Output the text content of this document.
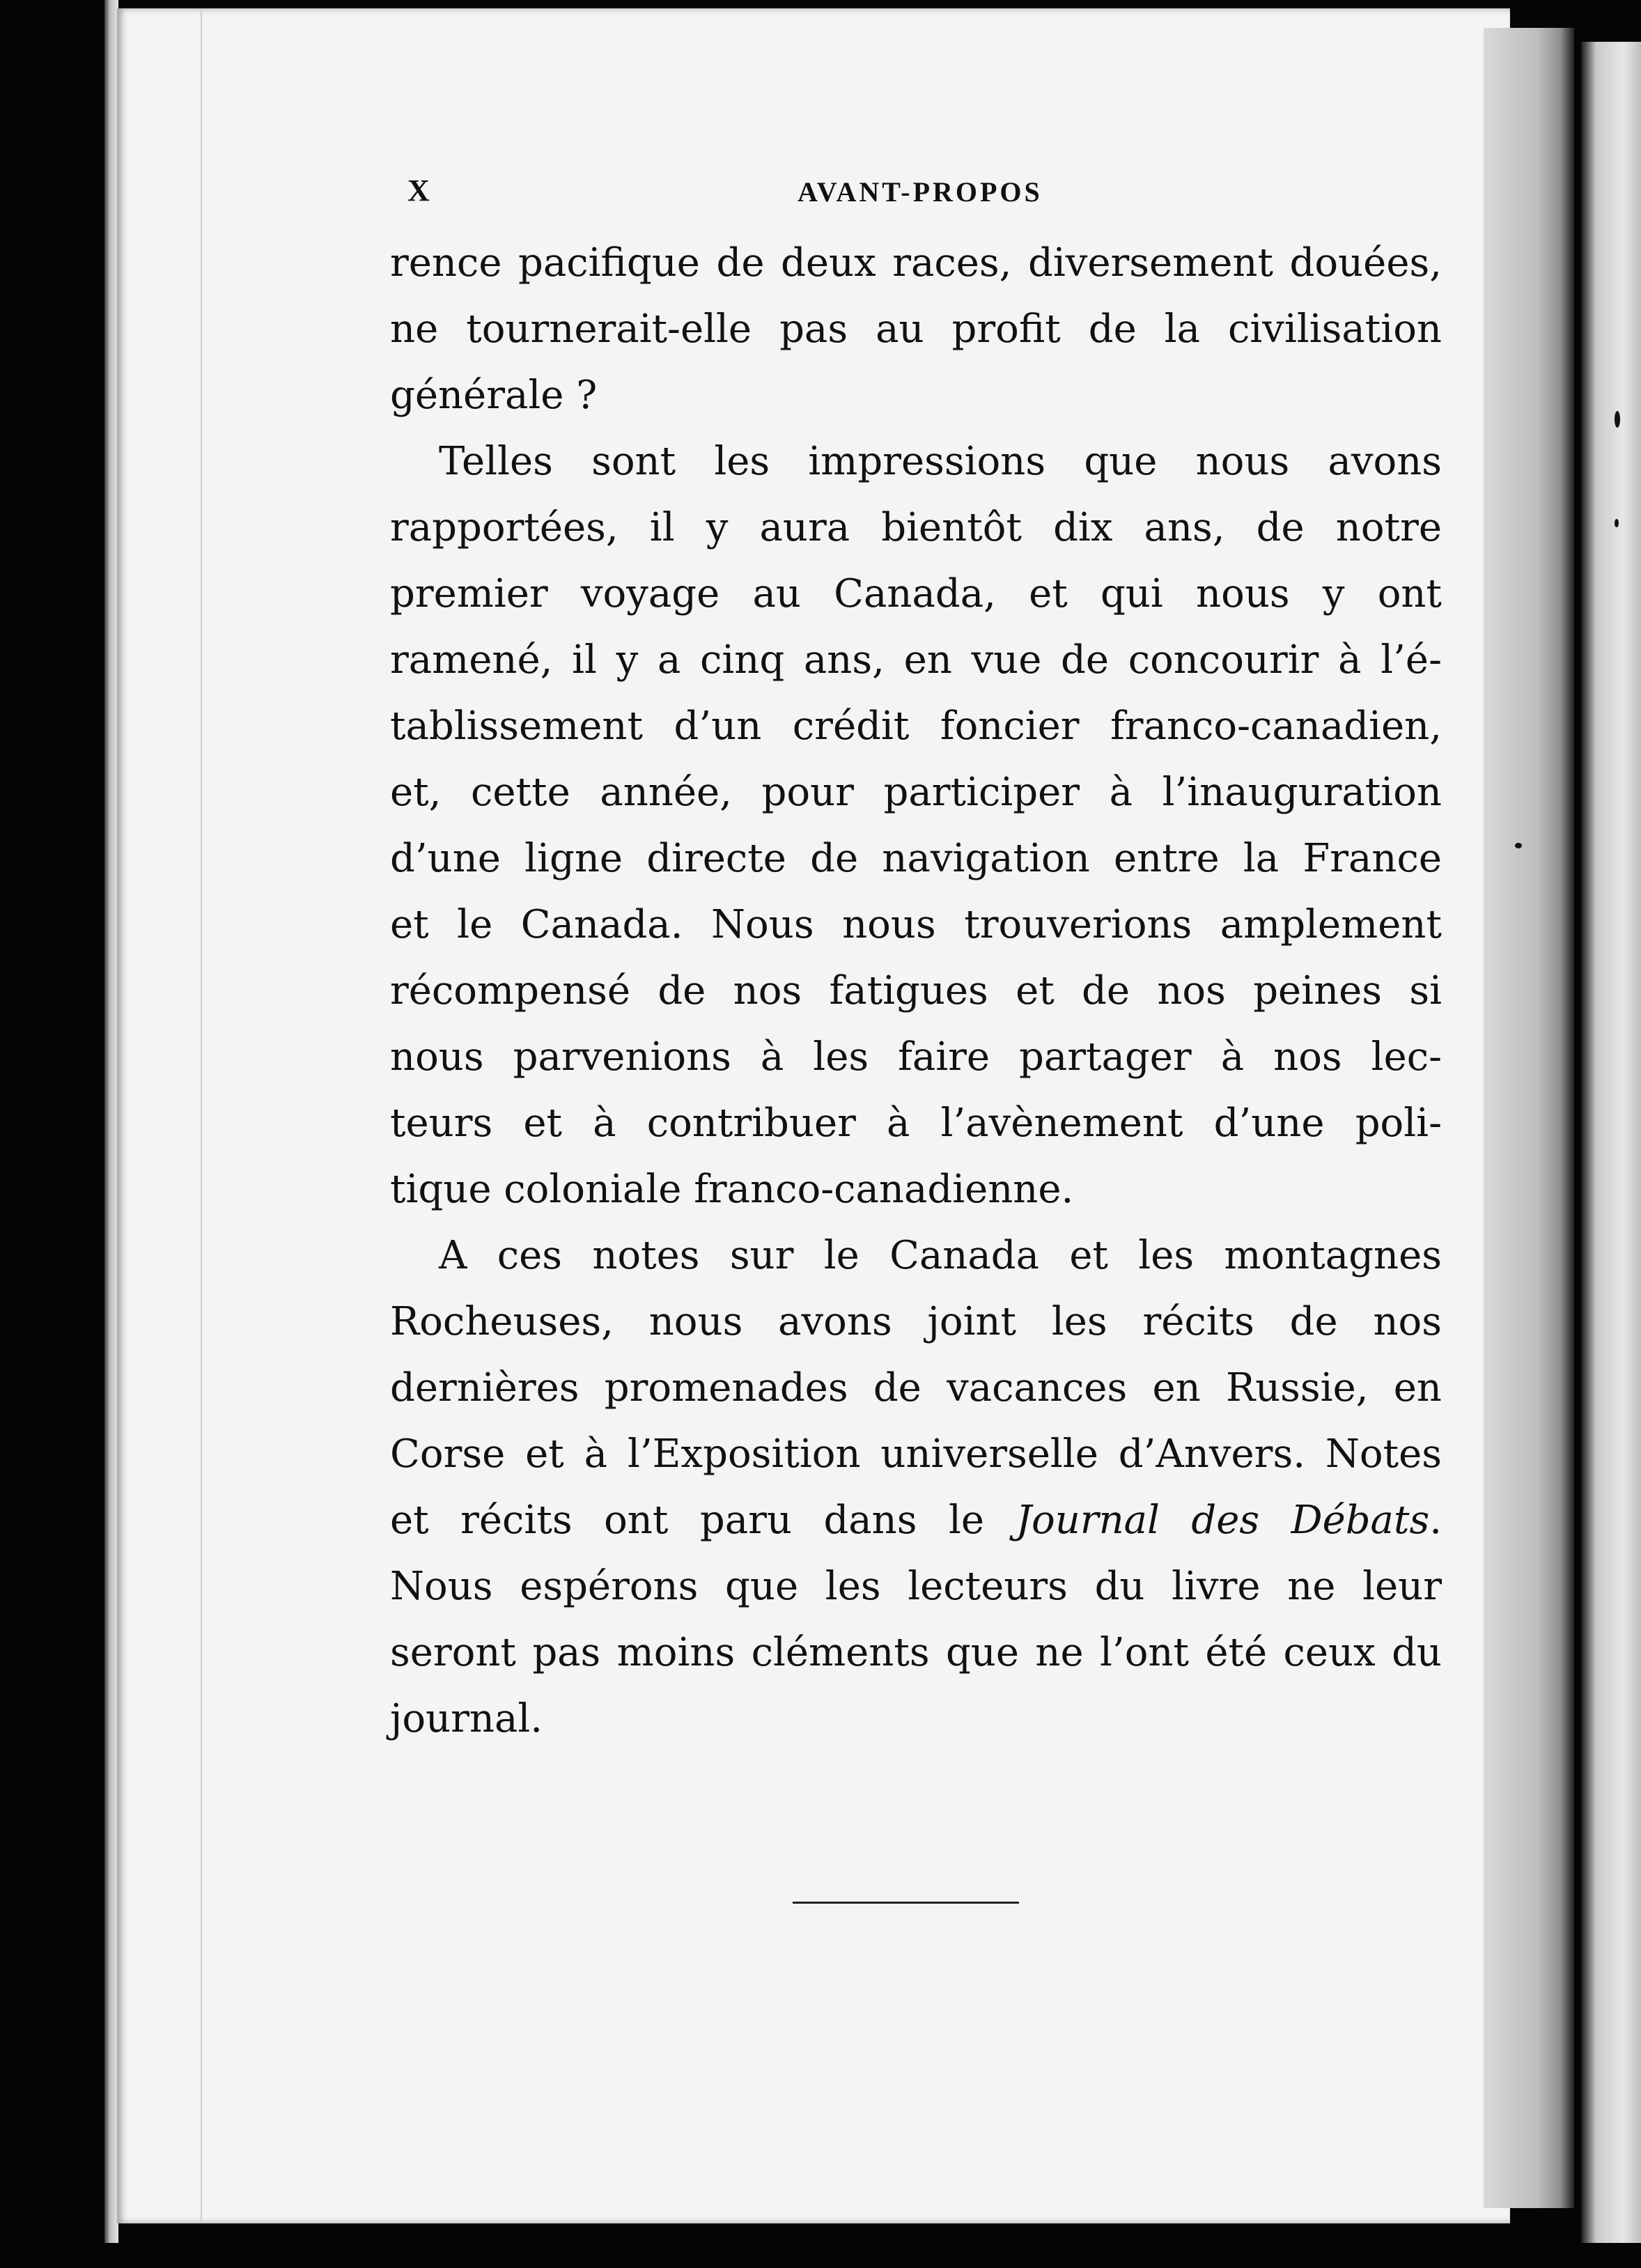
X	AVANT-PROPOS
rence pacifique de deux races, diversement douées,
ne tournerait-elle pas au profit de la civilisation
générale ?
Telles sont les impressions que nous avons
rapportées, il y aura bientôt dix ans, de notre
premier voyage au Canada, et qui nous y ont
ramené, il y a cinq ans, en vue de concourir à l’é-
tablissement d’un crédit foncier franco-canadien,
et, cette année, pour participer à l’inauguration
d’une ligne directe de navigation entre la France
et le Canada. Nous nous trouverions amplement
récompensé de nos fatigues et de nos peines si
nous parvenions à les faire partager à nos lec-
teurs et à contribuer à l’avènement d’une poli-
tique coloniale franco-canadienne.
A ces notes sur le Canada et les montagnes
Rocheuses, nous avons joint les récits de nos
dernières promenades de vacances en Russie, en
Corse et à l’Exposition universelle d’Anvers. Notes
et récits ont paru dans le Journal des Débats.
Nous espérons que les lecteurs du livre ne leur
seront pas moins cléments que ne l’ont été ceux du
journal.
